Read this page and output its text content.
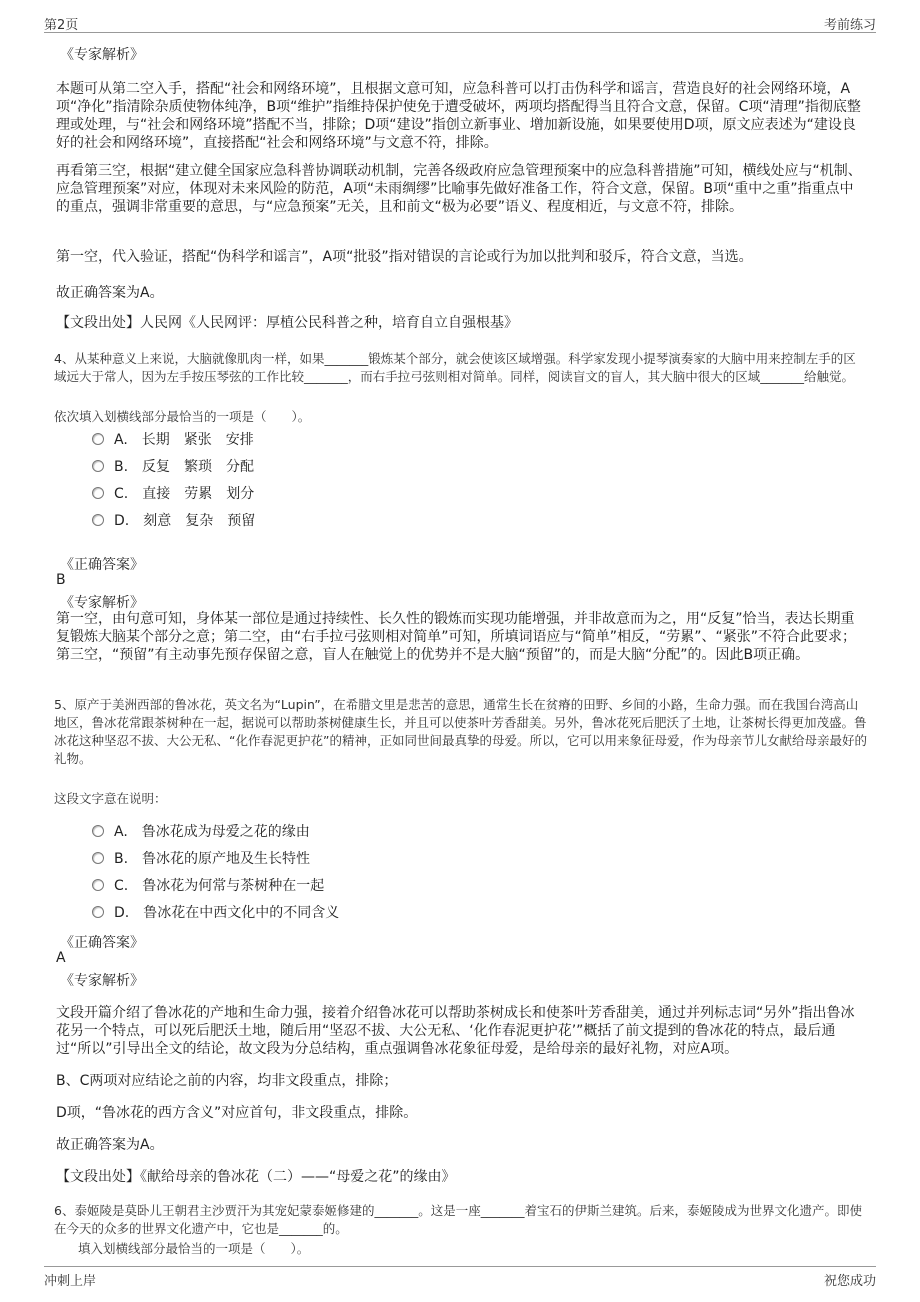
第2页	考前练习

《专家解析》

本题可从第二空入手，搭配“社会和网络环境”，且根据文意可知，应急科普可以打击伪科学和谣言，营造良好的社会网络环境，A项“净化”指清除杂质使物体纯净，B项“维护”指维持保护使免于遭受破坏，两项均搭配得当且符合文意，保留。C项“清理”指彻底整理或处理，与“社会和网络环境”搭配不当，排除；D项“建设”指创立新事业、增加新设施，如果要使用D项，原文应表述为“建设良好的社会和网络环境”，直接搭配“社会和网络环境”与文意不符，排除。

再看第三空，根据“建立健全国家应急科普协调联动机制，完善各级政府应急管理预案中的应急科普措施”可知，横线处应与“机制、应急管理预案”对应，体现对未来风险的防范，A项“未雨绸缪”比喻事先做好准备工作，符合文意，保留。B项“重中之重”指重点中的重点，强调非常重要的意思，与“应急预案”无关，且和前文“极为必要”语义、程度相近，与文意不符，排除。

第一空，代入验证，搭配“伪科学和谣言”，A项“批驳”指对错误的言论或行为加以批判和驳斥，符合文意，当选。

故正确答案为A。

【文段出处】人民网《人民网评：厚植公民科普之种，培育自立自强根基》

4、从某种意义上来说，大脑就像肌肉一样，如果_______锻炼某个部分，就会使该区域增强。科学家发现小提琴演奏家的大脑中用来控制左手的区域远大于常人，因为左手按压琴弦的工作比较_______，而右手拉弓弦则相对简单。同样，阅读盲文的盲人，其大脑中很大的区域_______给触觉。

依次填入划横线部分最恰当的一项是（　　）。

A.　长期　紧张　安排
B.　反复　繁琐　分配
C.　直接　劳累　划分
D.　刻意　复杂　预留

《正确答案》

B

《专家解析》

第一空，由句意可知，身体某一部位是通过持续性、长久性的锻炼而实现功能增强，并非故意而为之，用“反复”恰当，表达长期重复锻炼大脑某个部分之意；第二空，由“右手拉弓弦则相对简单”可知，所填词语应与“简单”相反，“劳累”、“紧张”不符合此要求；第三空，“预留”有主动事先预存保留之意，盲人在触觉上的优势并不是大脑“预留”的，而是大脑“分配”的。因此B项正确。

5、原产于美洲西部的鲁冰花，英文名为“Lupin”，在希腊文里是悲苦的意思，通常生长在贫瘠的田野、乡间的小路，生命力强。而在我国台湾高山地区，鲁冰花常跟茶树种在一起，据说可以帮助茶树健康生长，并且可以使茶叶芳香甜美。另外，鲁冰花死后肥沃了土地，让茶树长得更加茂盛。鲁冰花这种坚忍不拔、大公无私、“化作春泥更护花”的精神，正如同世间最真挚的母爱。所以，它可以用来象征母爱，作为母亲节儿女献给母亲最好的礼物。

这段文字意在说明：

A.　鲁冰花成为母爱之花的缘由
B.　鲁冰花的原产地及生长特性
C.　鲁冰花为何常与茶树种在一起
D.　鲁冰花在中西文化中的不同含义

《正确答案》

A

《专家解析》

文段开篇介绍了鲁冰花的产地和生命力强，接着介绍鲁冰花可以帮助茶树成长和使茶叶芳香甜美，通过并列标志词“另外”指出鲁冰花另一个特点，可以死后肥沃土地，随后用“坚忍不拔、大公无私、‘化作春泥更护花’”概括了前文提到的鲁冰花的特点，最后通过“所以”引导出全文的结论，故文段为分总结构，重点强调鲁冰花象征母爱，是给母亲的最好礼物，对应A项。

B、C两项对应结论之前的内容，均非文段重点，排除；

D项，“鲁冰花的西方含义”对应首句，非文段重点，排除。

故正确答案为A。

【文段出处】《献给母亲的鲁冰花（二）——“母爱之花”的缘由》

6、泰姬陵是莫卧儿王朝君主沙贾汗为其宠妃蒙泰姬修建的_______。这是一座_______着宝石的伊斯兰建筑。后来，泰姬陵成为世界文化遗产。即使在今天的众多的世界文化遗产中，它也是_______的。

填入划横线部分最恰当的一项是（　　）。

冲刺上岸	祝您成功
